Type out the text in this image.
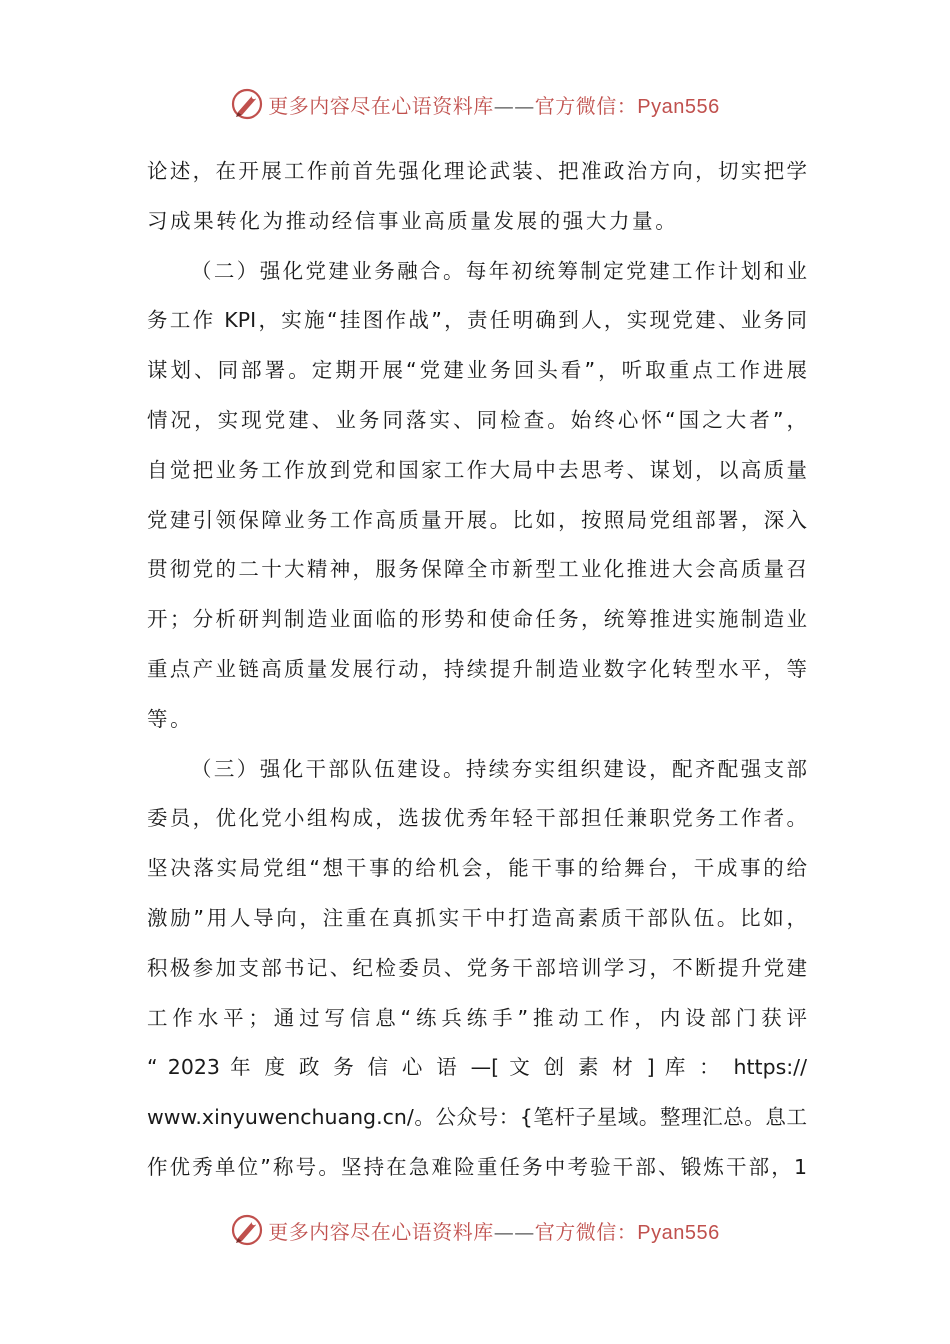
更多内容尽在心语资料库——官方微信：Pyan556
论述，在开展工作前首先强化理论武装、把准政治方向，切实把学
习成果转化为推动经信事业高质量发展的强大力量。
（二）强化党建业务融合。每年初统筹制定党建工作计划和业
务工作 KPI，实施“挂图作战”，责任明确到人，实现党建、业务同
谋划、同部署。定期开展“党建业务回头看”，听取重点工作进展
情况，实现党建、业务同落实、同检查。始终心怀“国之大者”，
自觉把业务工作放到党和国家工作大局中去思考、谋划，以高质量
党建引领保障业务工作高质量开展。比如，按照局党组部署，深入
贯彻党的二十大精神，服务保障全市新型工业化推进大会高质量召
开；分析研判制造业面临的形势和使命任务，统筹推进实施制造业
重点产业链高质量发展行动，持续提升制造业数字化转型水平，等
等。
（三）强化干部队伍建设。持续夯实组织建设，配齐配强支部
委员，优化党小组构成，选拔优秀年轻干部担任兼职党务工作者。
坚决落实局党组“想干事的给机会，能干事的给舞台，干成事的给
激励”用人导向，注重在真抓实干中打造高素质干部队伍。比如，
积极参加支部书记、纪检委员、党务干部培训学习，不断提升党建
工作水平；通过写信息“练兵练手”推动工作，内设部门获评
“ 2023 年 度 政 务 信 心 语 —[ 文 创 素 材 ] 库 ： https://
www.xinyuwenchuang.cn/。公众号：{笔杆子星域。整理汇总。息工
作优秀单位”称号。坚持在急难险重任务中考验干部、锻炼干部，1
更多内容尽在心语资料库——官方微信：Pyan556
